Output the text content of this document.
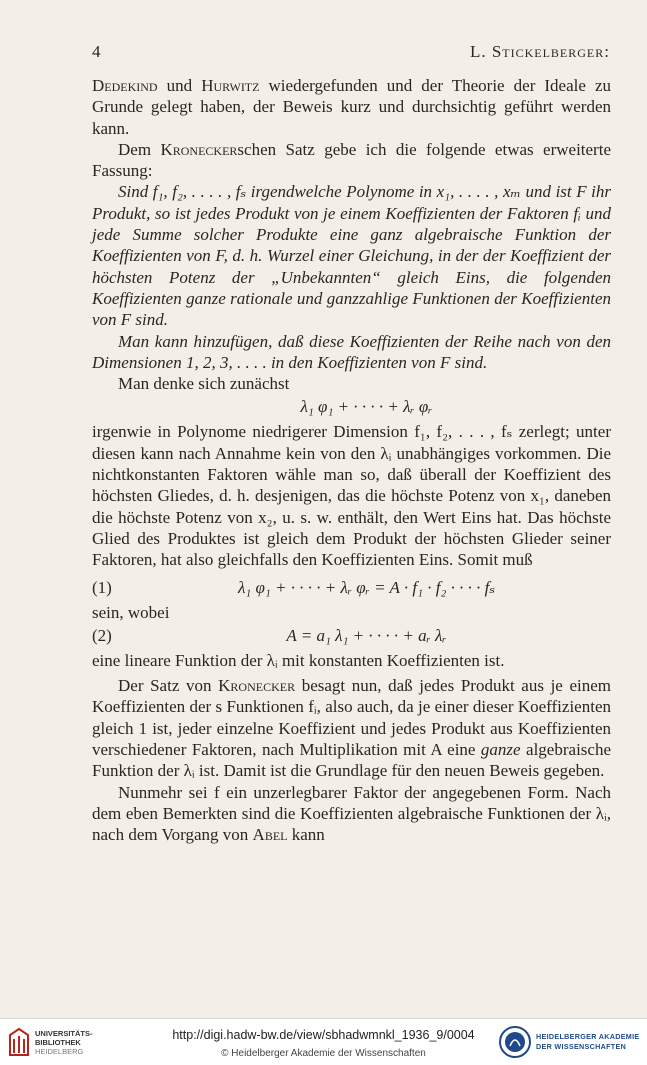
4	L. Stickelberger:

Dedekind und Hurwitz wiedergefunden und der Theorie der Ideale zu Grunde gelegt haben, der Beweis kurz und durchsichtig geführt werden kann.

Dem Kroneckerschen Satz gebe ich die folgende etwas erweiterte Fassung:

Sind f₁, f₂, . . . . , fₛ irgendwelche Polynome in x₁, . . . . , xₘ und ist F ihr Produkt, so ist jedes Produkt von je einem Koeffizienten der Faktoren fᵢ und jede Summe solcher Produkte eine ganz algebraische Funktion der Koeffizienten von F, d. h. Wurzel einer Gleichung, in der der Koeffizient der höchsten Potenz der „Unbekannten“ gleich Eins, die folgenden Koeffizienten ganze rationale und ganzzahlige Funktionen der Koeffizienten von F sind.

Man kann hinzufügen, daß diese Koeffizienten der Reihe nach von den Dimensionen 1, 2, 3, . . . . in den Koeffizienten von F sind.

Man denke sich zunächst

λ₁ φ₁ + · · · · + λᵣ φᵣ

irgenwie in Polynome niedrigerer Dimension f₁, f₂, . . . , fₛ zerlegt; unter diesen kann nach Annahme kein von den λᵢ unabhängiges vorkommen. Die nichtkonstanten Faktoren wähle man so, daß überall der Koeffizient des höchsten Gliedes, d. h. desjenigen, das die höchste Potenz von x₁, daneben die höchste Potenz von x₂, u. s. w. enthält, den Wert Eins hat. Das höchste Glied des Produktes ist gleich dem Produkt der höchsten Glieder seiner Faktoren, hat also gleichfalls den Koeffizienten Eins. Somit muß

(1)	λ₁ φ₁ + · · · · + λᵣ φᵣ = A · f₁ · f₂ · · · · fₛ

sein, wobei

(2)	A = a₁ λ₁ + · · · · + aᵣ λᵣ

eine lineare Funktion der λᵢ mit konstanten Koeffizienten ist.

Der Satz von Kronecker besagt nun, daß jedes Produkt aus je einem Koeffizienten der s Funktionen fᵢ, also auch, da je einer dieser Koeffizienten gleich 1 ist, jeder einzelne Koeffizient und jedes Produkt aus Koeffizienten verschiedener Faktoren, nach Multiplikation mit A eine ganze algebraische Funktion der λᵢ ist. Damit ist die Grundlage für den neuen Beweis gegeben.

Nunmehr sei f ein unzerlegbarer Faktor der angegebenen Form. Nach dem eben Bemerkten sind die Koeffizienten algebraische Funktionen der λᵢ, nach dem Vorgang von Abel kann

UNIVERSITÄTS-
BIBLIOTHEK
HEIDELBERG
http://digi.hadw-bw.de/view/sbhadwmnkl_1936_9/0004
© Heidelberger Akademie der Wissenschaften
HEIDELBERGER AKADEMIE
DER WISSENSCHAFTEN
